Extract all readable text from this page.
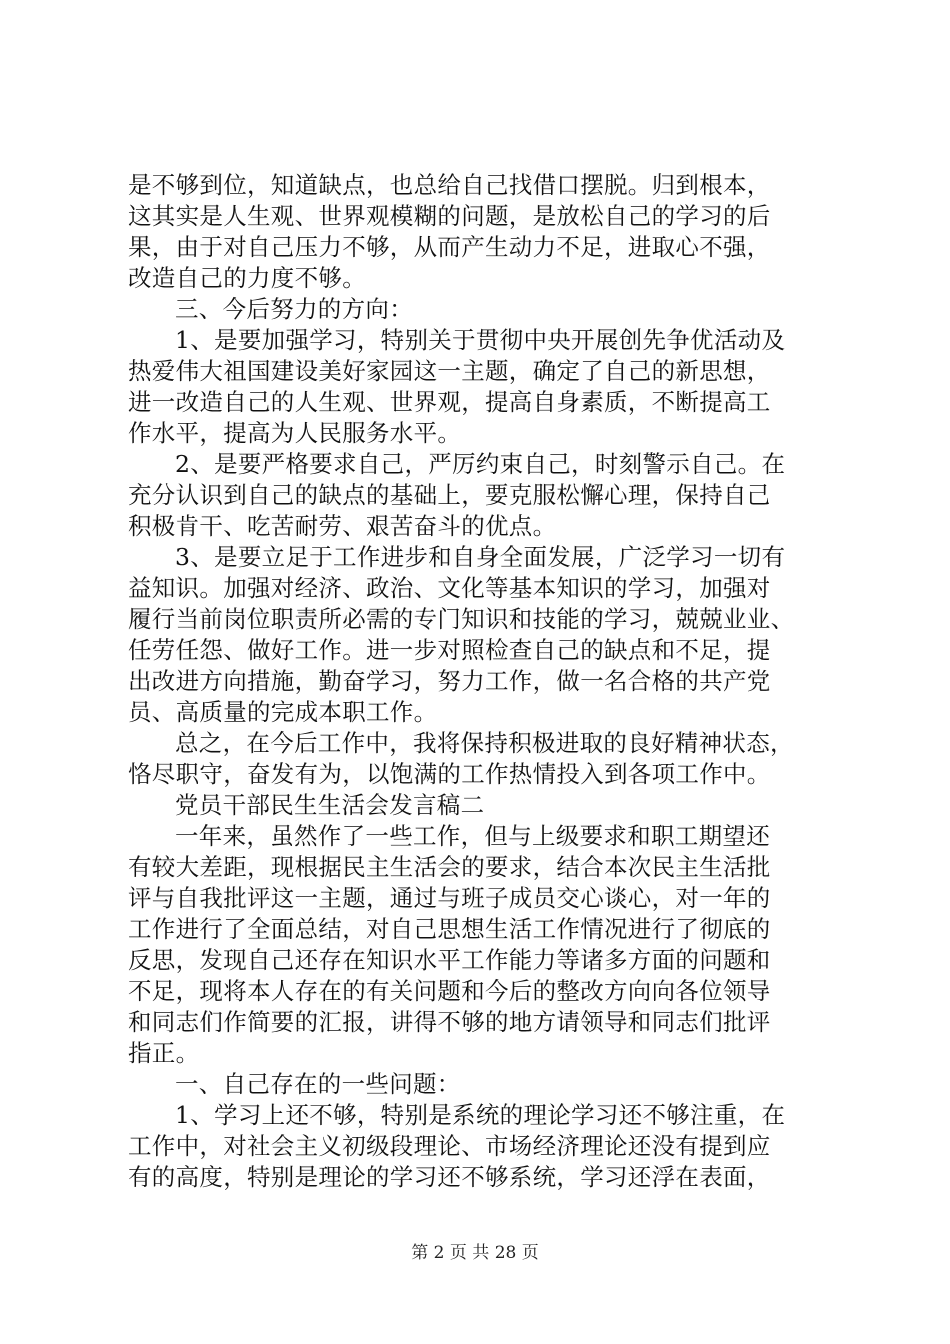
是不够到位，知道缺点，也总给自己找借口摆脱。归到根本，
这其实是人生观、世界观模糊的问题，是放松自己的学习的后
果，由于对自己压力不够，从而产生动力不足，进取心不强，
改造自己的力度不够。
三、今后努力的方向：
1、是要加强学习，特别关于贯彻中央开展创先争优活动及
热爱伟大祖国建设美好家园这一主题，确定了自己的新思想，
进一改造自己的人生观、世界观，提高自身素质，不断提高工
作水平，提高为人民服务水平。
2、是要严格要求自己，严厉约束自己，时刻警示自己。在
充分认识到自己的缺点的基础上，要克服松懈心理，保持自己
积极肯干、吃苦耐劳、艰苦奋斗的优点。
3、是要立足于工作进步和自身全面发展，广泛学习一切有
益知识。加强对经济、政治、文化等基本知识的学习，加强对
履行当前岗位职责所必需的专门知识和技能的学习，兢兢业业、
任劳任怨、做好工作。进一步对照检查自己的缺点和不足，提
出改进方向措施，勤奋学习，努力工作，做一名合格的共产党
员、高质量的完成本职工作。
总之，在今后工作中，我将保持积极进取的良好精神状态，
恪尽职守，奋发有为，以饱满的工作热情投入到各项工作中。
党员干部民生生活会发言稿二
一年来，虽然作了一些工作，但与上级要求和职工期望还
有较大差距，现根据民主生活会的要求，结合本次民主生活批
评与自我批评这一主题，通过与班子成员交心谈心，对一年的
工作进行了全面总结，对自己思想生活工作情况进行了彻底的
反思，发现自己还存在知识水平工作能力等诸多方面的问题和
不足，现将本人存在的有关问题和今后的整改方向向各位领导
和同志们作简要的汇报，讲得不够的地方请领导和同志们批评
指正。
一、自己存在的一些问题：
1、学习上还不够，特别是系统的理论学习还不够注重，在
工作中，对社会主义初级段理论、市场经济理论还没有提到应
有的高度，特别是理论的学习还不够系统，学习还浮在表面，
第 2 页 共 28 页
